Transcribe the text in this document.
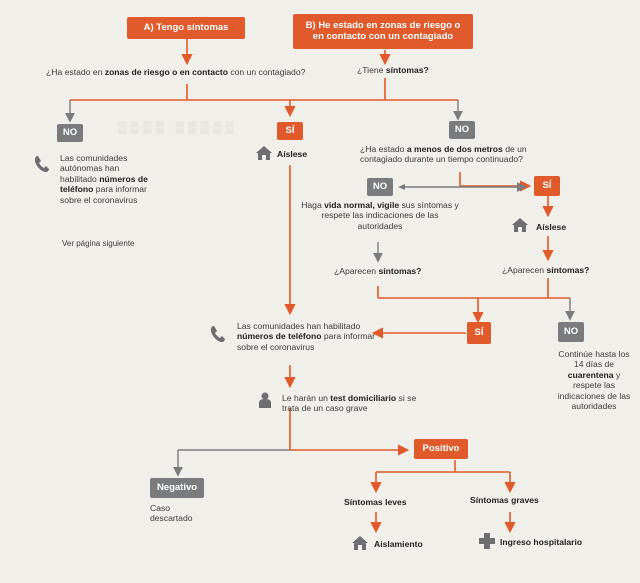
▒▒▒▒ ▒▒▒▒▒
A) Tengo síntomas	B) He estado en zonas de riesgo o en contacto con un contagiado
¿Ha estado en zonas de riesgo o en contacto con un contagiado?	¿Tiene síntomas?
NO
Las comunidades autónomas han habilitado números de teléfono para informar sobre el coronavirus
Ver página siguiente
SÍ
Aíslese
NO
¿Ha estado a menos de dos metros de un contagiado durante un tiempo continuado?
NO	SÍ
Haga vida normal, vigile sus síntomas y respete las indicaciones de las autoridades	Aíslese
¿Aparecen síntomas?	¿Aparecen síntomas?
SÍ	NO
Continúe hasta los 14 días de cuarentena y respete las indicaciones de las autoridades
Las comunidades han habilitado números de teléfono para informar sobre el coronavirus
Le harán un test domiciliario si se trata de un caso grave
Positivo
Negativo
Caso descartado
Síntomas leves	Síntomas graves
Aislamiento	Ingreso hospitalario
